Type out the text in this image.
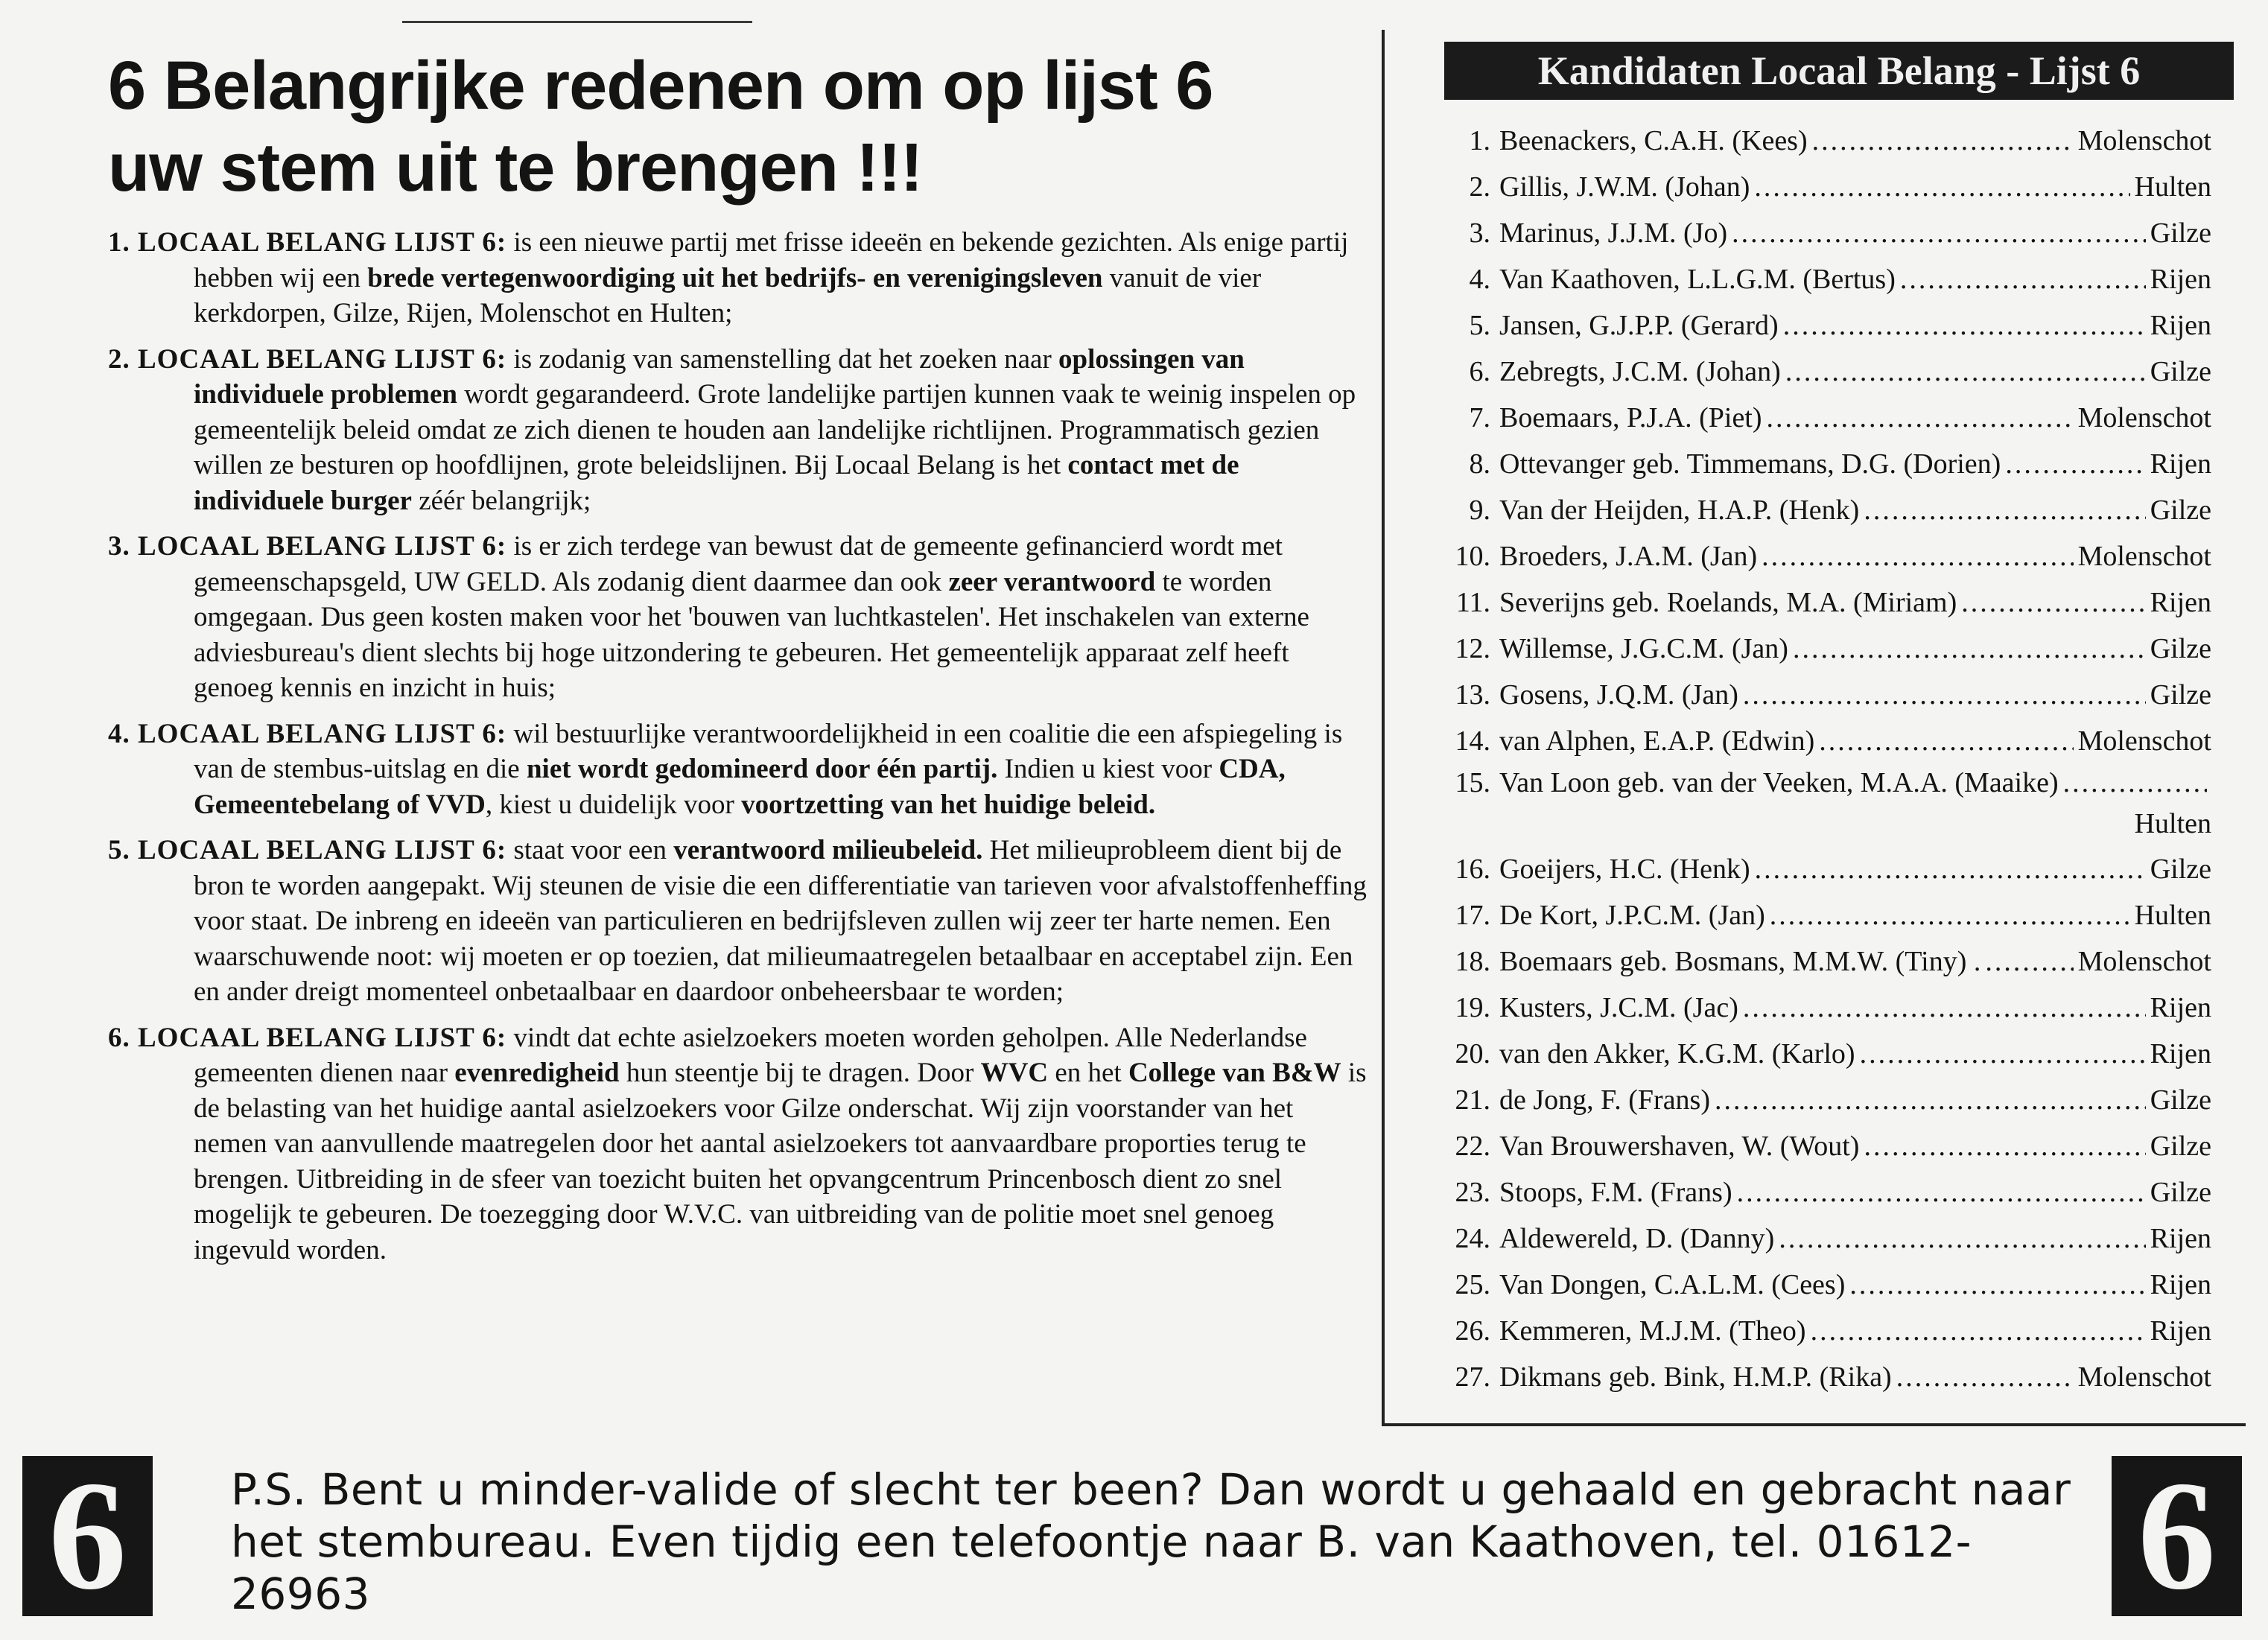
6 Belangrijke redenen om op lijst 6
uw stem uit te brengen !!!

1. LOCAAL BELANG LIJST 6: is een nieuwe partij met frisse ideeën en bekende gezichten. Als enige partij hebben wij een brede vertegenwoordiging uit het bedrijfs- en verenigingsleven vanuit de vier kerkdorpen, Gilze, Rijen, Molenschot en Hulten;

2. LOCAAL BELANG LIJST 6: is zodanig van samenstelling dat het zoeken naar oplossingen van individuele problemen wordt gegarandeerd. Grote landelijke partijen kunnen vaak te weinig inspelen op gemeentelijk beleid omdat ze zich dienen te houden aan landelijke richtlijnen. Programmatisch gezien willen ze besturen op hoofdlijnen, grote beleidslijnen. Bij Locaal Belang is het contact met de individuele burger zéér belangrijk;

3. LOCAAL BELANG LIJST 6: is er zich terdege van bewust dat de gemeente gefinancierd wordt met gemeenschapsgeld, UW GELD. Als zodanig dient daarmee dan ook zeer verantwoord te worden omgegaan. Dus geen kosten maken voor het 'bouwen van luchtkastelen'. Het inschakelen van externe adviesbureau's dient slechts bij hoge uitzondering te gebeuren. Het gemeentelijk apparaat zelf heeft genoeg kennis en inzicht in huis;

4. LOCAAL BELANG LIJST 6: wil bestuurlijke verantwoordelijkheid in een coalitie die een afspiegeling is van de stembus-uitslag en die niet wordt gedomineerd door één partij. Indien u kiest voor CDA, Gemeentebelang of VVD, kiest u duidelijk voor voortzetting van het huidige beleid.

5. LOCAAL BELANG LIJST 6: staat voor een verantwoord milieubeleid. Het milieuprobleem dient bij de bron te worden aangepakt. Wij steunen de visie die een differentiatie van tarieven voor afvalstoffenheffing voor staat. De inbreng en ideeën van particulieren en bedrijfsleven zullen wij zeer ter harte nemen. Een waarschuwende noot: wij moeten er op toezien, dat milieumaatregelen betaalbaar en acceptabel zijn. Een en ander dreigt momenteel onbetaalbaar en daardoor onbeheersbaar te worden;

6. LOCAAL BELANG LIJST 6: vindt dat echte asielzoekers moeten worden geholpen. Alle Nederlandse gemeenten dienen naar evenredigheid hun steentje bij te dragen. Door WVC en het College van B&W is de belasting van het huidige aantal asielzoekers voor Gilze onderschat. Wij zijn voorstander van het nemen van aanvullende maatregelen door het aantal asielzoekers tot aanvaardbare proporties terug te brengen. Uitbreiding in de sfeer van toezicht buiten het opvangcentrum Princenbosch dient zo snel mogelijk te gebeuren. De toezegging door W.V.C. van uitbreiding van de politie moet snel genoeg ingevuld worden.

Kandidaten Locaal Belang - Lijst 6
1. Beenackers, C.A.H. (Kees) .....	Molenschot
2. Gillis, J.W.M. (Johan) .....	Hulten
3. Marinus, J.J.M. (Jo) .....	Gilze
4. Van Kaathoven, L.L.G.M. (Bertus) .....	Rijen
5. Jansen, G.J.P.P. (Gerard) .....	Rijen
6. Zebregts, J.C.M. (Johan) .....	Gilze
7. Boemaars, P.J.A. (Piet) .....	Molenschot
8. Ottevanger geb. Timmemans, D.G. (Dorien) .....	Rijen
9. Van der Heijden, H.A.P. (Henk) .....	Gilze
10. Broeders, J.A.M. (Jan) .....	Molenschot
11. Severijns geb. Roelands, M.A. (Miriam) .....	Rijen
12. Willemse, J.G.C.M. (Jan) .....	Gilze
13. Gosens, J.Q.M. (Jan) .....	Gilze
14. van Alphen, E.A.P. (Edwin) .....	Molenschot
15. Van Loon geb. van der Veeken, M.A.A. (Maaike)
.....
Hulten
16. Goeijers, H.C. (Henk) .....	Gilze
17. De Kort, J.P.C.M. (Jan) .....	Hulten
18. Boemaars geb. Bosmans, M.M.W. (Tiny) . .....	Molenschot
19. Kusters, J.C.M. (Jac) .....	Rijen
20. van den Akker, K.G.M. (Karlo) .....	Rijen
21. de Jong, F. (Frans) .....	Gilze
22. Van Brouwershaven, W. (Wout) .....	Gilze
23. Stoops, F.M. (Frans) .....	Gilze
24. Aldewereld, D. (Danny) .....	Rijen
25. Van Dongen, C.A.L.M. (Cees) .....	Rijen
26. Kemmeren, M.J.M. (Theo) .....	Rijen
27. Dikmans geb. Bink, H.M.P. (Rika) .....	Molenschot
6	P.S. Bent u minder-valide of slecht ter been? Dan wordt u gehaald en gebracht naar

het stembureau. Even tijdig een telefoontje naar B. van Kaathoven, tel. 01612-26963	6
